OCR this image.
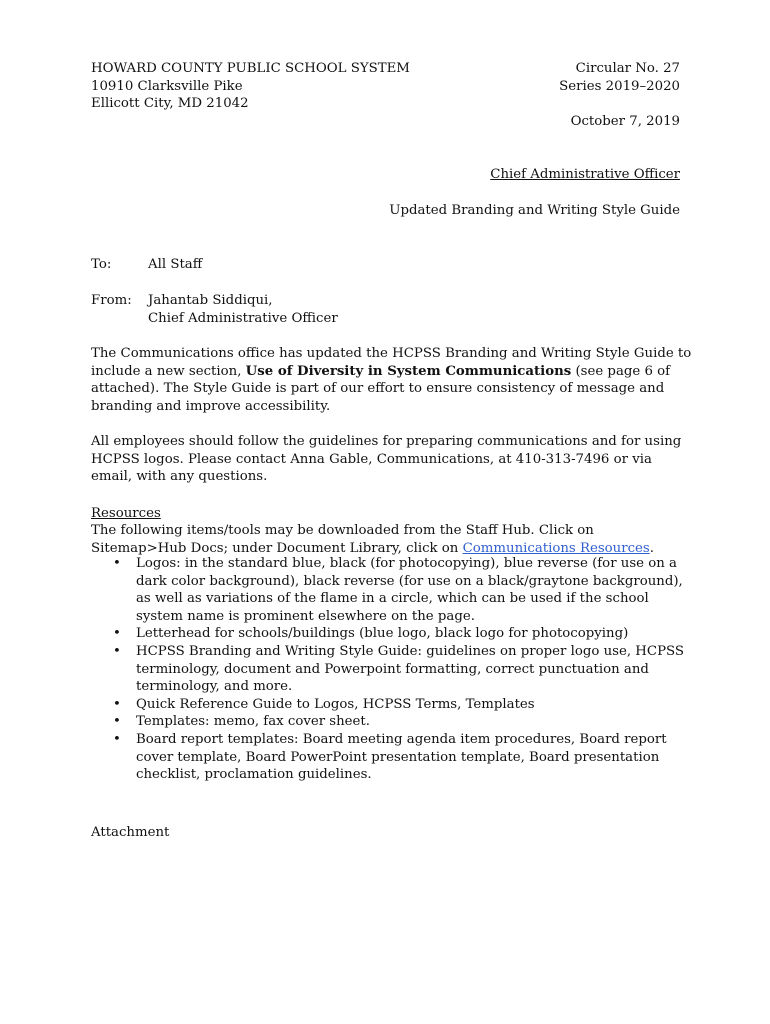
HOWARD COUNTY PUBLIC SCHOOL SYSTEM
10910 Clarksville Pike
Ellicott City, MD 21042
Circular No. 27
Series 2019–2020
October 7, 2019
Chief Administrative Officer
Updated Branding and Writing Style Guide
To:	All Staff
From: Jahantab Siddiqui,
Chief Administrative Officer
The Communications office has updated the HCPSS Branding and Writing Style Guide to include a new section, Use of Diversity in System Communications (see page 6 of attached). The Style Guide is part of our effort to ensure consistency of message and branding and improve accessibility.
All employees should follow the guidelines for preparing communications and for using HCPSS logos. Please contact Anna Gable, Communications, at 410-313-7496 or via email, with any questions.
Resources
The following items/tools may be downloaded from the Staff Hub. Click on Sitemap>Hub Docs; under Document Library, click on Communications Resources.
• Logos: in the standard blue, black (for photocopying), blue reverse (for use on a dark color background), black reverse (for use on a black/graytone background), as well as variations of the flame in a circle, which can be used if the school system name is prominent elsewhere on the page.
• Letterhead for schools/buildings (blue logo, black logo for photocopying)
• HCPSS Branding and Writing Style Guide: guidelines on proper logo use, HCPSS terminology, document and Powerpoint formatting, correct punctuation and terminology, and more.
• Quick Reference Guide to Logos, HCPSS Terms, Templates
• Templates: memo, fax cover sheet.
• Board report templates: Board meeting agenda item procedures, Board report cover template, Board PowerPoint presentation template, Board presentation checklist, proclamation guidelines.
Attachment
